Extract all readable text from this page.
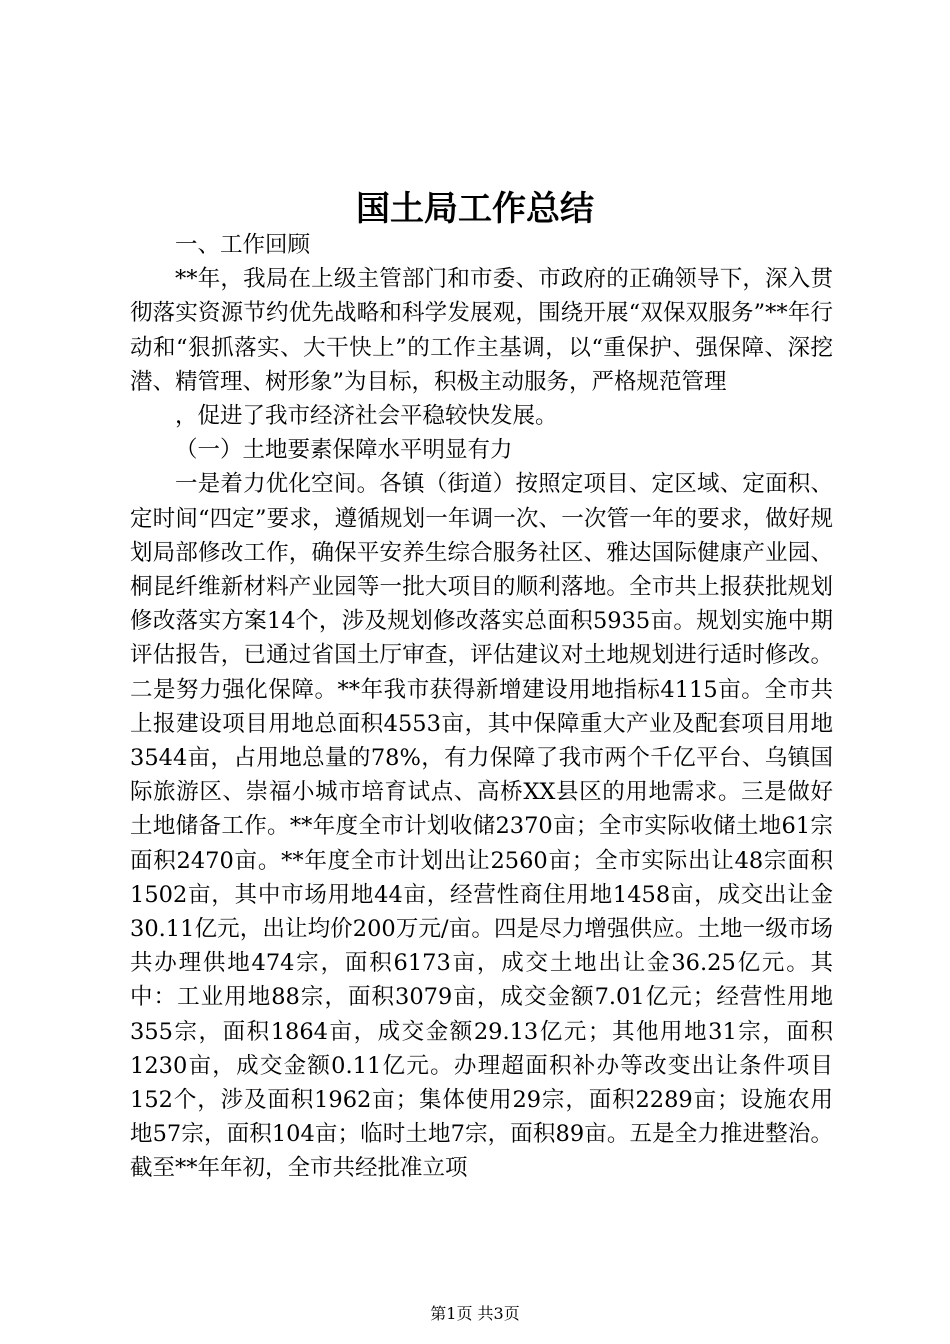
国土局工作总结

一、工作回顾

**年，我局在上级主管部门和市委、市政府的正确领导下，深入贯彻落实资源节约优先战略和科学发展观，围绕开展“双保双服务”**年行动和“狠抓落实、大干快上”的工作主基调，以“重保护、强保障、深挖潜、精管理、树形象”为目标，积极主动服务，严格规范管理

，促进了我市经济社会平稳较快发展。

（一）土地要素保障水平明显有力

一是着力优化空间。各镇（街道）按照定项目、定区域、定面积、定时间“四定”要求，遵循规划一年调一次、一次管一年的要求，做好规划局部修改工作，确保平安养生综合服务社区、雅达国际健康产业园、桐昆纤维新材料产业园等一批大项目的顺利落地。全市共上报获批规划修改落实方案14个，涉及规划修改落实总面积5935亩。规划实施中期评估报告，已通过省国土厅审查，评估建议对土地规划进行适时修改。二是努力强化保障。**年我市获得新增建设用地指标4115亩。全市共上报建设项目用地总面积4553亩，其中保障重大产业及配套项目用地3544亩，占用地总量的78%，有力保障了我市两个千亿平台、乌镇国际旅游区、崇福小城市培育试点、高桥XX县区的用地需求。三是做好土地储备工作。**年度全市计划收储2370亩；全市实际收储土地61宗面积2470亩。**年度全市计划出让2560亩；全市实际出让48宗面积1502亩，其中市场用地44亩，经营性商住用地1458亩，成交出让金30.11亿元，出让均价200万元/亩。四是尽力增强供应。土地一级市场共办理供地474宗，面积6173亩，成交土地出让金36.25亿元。其中：工业用地88宗，面积3079亩，成交金额7.01亿元；经营性用地355宗，面积1864亩，成交金额29.13亿元；其他用地31宗，面积1230亩，成交金额0.11亿元。办理超面积补办等改变出让条件项目152个，涉及面积1962亩；集体使用29宗，面积2289亩；设施农用地57宗，面积104亩；临时土地7宗，面积89亩。五是全力推进整治。截至**年年初，全市共经批准立项

第1页 共3页
